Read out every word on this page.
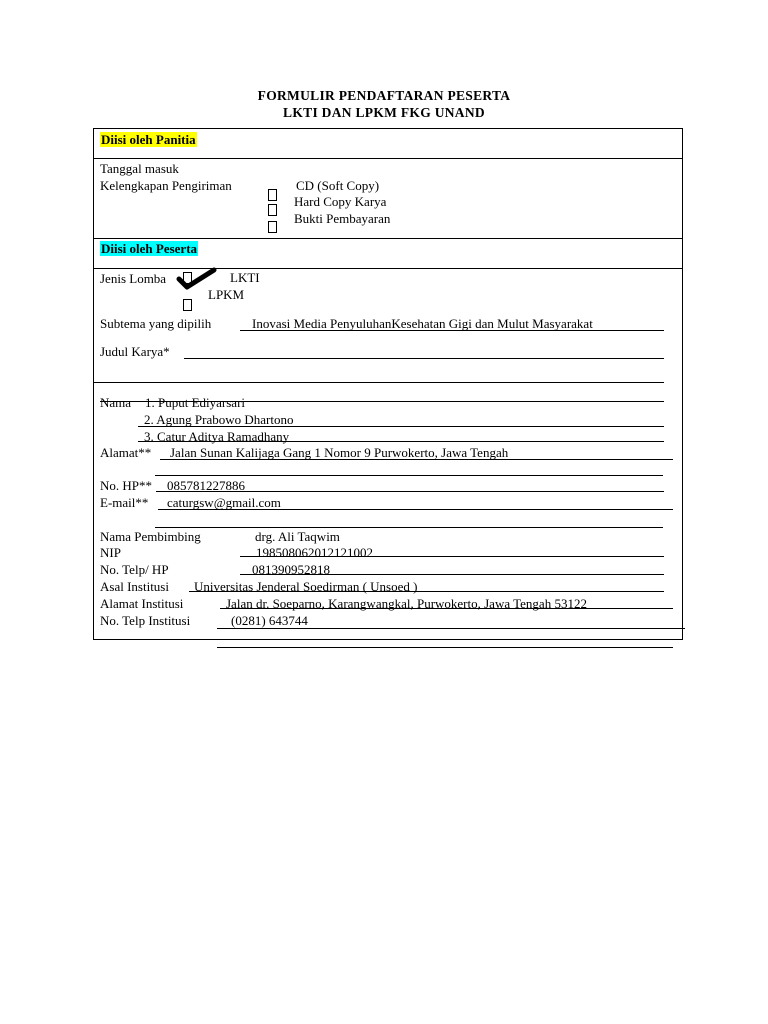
FORMULIR PENDAFTARAN PESERTA
LKTI DAN LPKM FKG UNAND
Diisi oleh Panitia
Tanggal masuk
Kelengkapan Pengiriman	CD (Soft Copy)
Hard Copy Karya
Bukti Pembayaran
Diisi oleh Peserta
Jenis Lomba	LKTI
LPKM
Subtema yang dipilih	Inovasi Media PenyuluhanKesehatan Gigi dan Mulut Masyarakat
Judul Karya*
Nama 1. Puput Ediyarsari
2. Agung Prabowo Dhartono
3. Catur Aditya Ramadhany
Alamat** Jalan Sunan Kalijaga Gang 1 Nomor 9 Purwokerto, Jawa Tengah
No. HP** 085781227886
E-mail** caturgsw@gmail.com
Nama Pembimbing	drg. Ali Taqwim
NIP	198508062012121002
No. Telp/ HP	081390952818
Asal Institusi Universitas Jenderal Soedirman ( Unsoed )
Alamat Institusi	Jalan dr. Soeparno, Karangwangkal, Purwokerto, Jawa Tengah 53122
No. Telp Institusi	(0281) 643744
